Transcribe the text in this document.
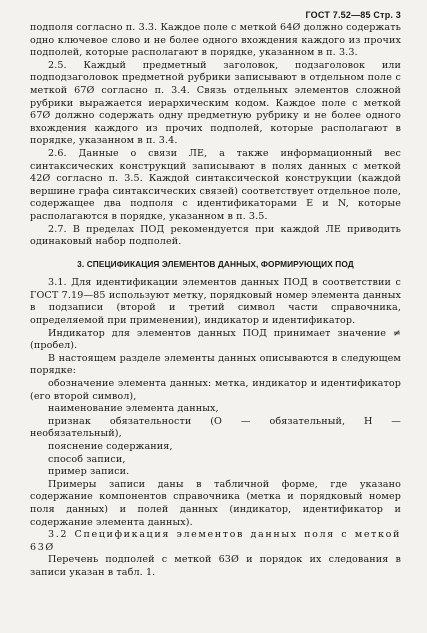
ГОСТ 7.52—85 Стр. 3

подполя согласно п. 3.3. Каждое поле с меткой 64Ø должно содержать одно ключевое слово и не более одного вхождения каждого из прочих подполей, которые располагают в порядке, указанном в п. 3.3.

2.5. Каждый предметный заголовок, подзаголовок или подподзаголовок предметной рубрики записывают в отдельном поле с меткой 67Ø согласно п. 3.4. Связь отдельных элементов сложной рубрики выражается иерархическим кодом. Каждое поле с меткой 67Ø должно содержать одну предметную рубрику и не более одного вхождения каждого из прочих подполей, которые располагают в порядке, указанном в п. 3.4.

2.6. Данные о связи ЛЕ, а также информационный вес синтаксических конструкций записывают в полях данных с меткой 42Ø согласно п. 3.5. Каждой синтаксической конструкции (каждой вершине графа синтаксических связей) соответствует отдельное поле, содержащее два подполя с идентификаторами E и N, которые располагаются в порядке, указанном в п. 3.5.

2.7. В пределах ПОД рекомендуется при каждой ЛЕ приводить одинаковый набор подполей.

3. СПЕЦИФИКАЦИЯ ЭЛЕМЕНТОВ ДАННЫХ, ФОРМИРУЮЩИХ ПОД

3.1. Для идентификации элементов данных ПОД в соответствии с ГОСТ 7.19—85 используют метку, порядковый номер элемента данных в подзаписи (второй и третий символ части справочника, определяемой при применении), индикатор и идентификатор.

Индикатор для элементов данных ПОД принимает значение ≠ (пробел).

В настоящем разделе элементы данных описываются в следующем порядке:

обозначение элемента данных: метка, индикатор и идентификатор (его второй символ),

наименование элемента данных,

признак обязательности (О — обязательный, Н — необязательный),

пояснение содержания,

способ записи,

пример записи.

Примеры записи даны в табличной форме, где указано содержание компонентов справочника (метка и порядковый номер поля данных) и полей данных (индикатор, идентификатор и содержание элемента данных).

3.2 Спецификация элементов данных поля с меткой 63Ø

Перечень подполей с меткой 63Ø и порядок их следования в записи указан в табл. 1.
